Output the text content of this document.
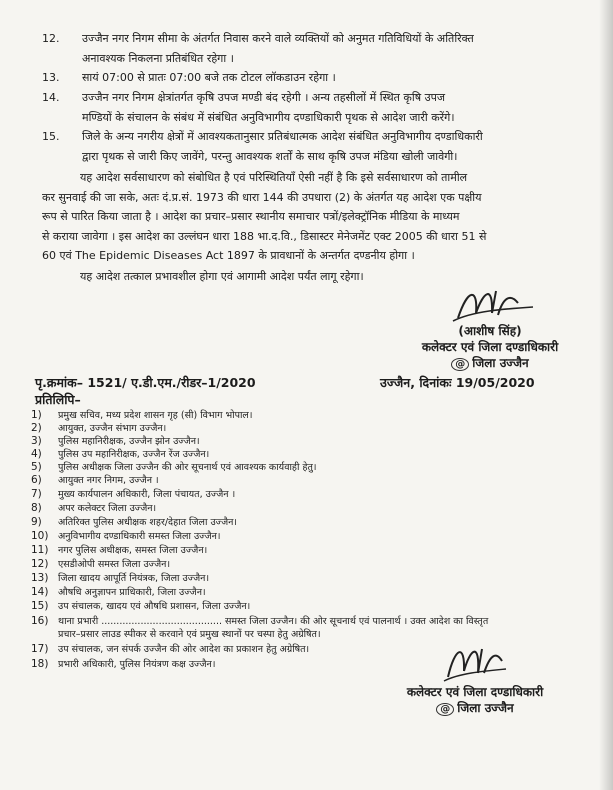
12.	उज्जैन नगर निगम सीमा के अंतर्गत निवास करने वाले व्यक्तियों को अनुमत गतिविधियों के अतिरिक्त
अनावश्यक निकलना प्रतिबंधित रहेगा ।
13.	सायं 07:00 से प्रातः 07:00 बजे तक टोटल लॉकडाउन रहेगा ।
14.	उज्जैन नगर निगम क्षेत्रांतर्गत कृषि उपज मण्डी बंद रहेगी । अन्य तहसीलों में स्थित कृषि उपज
मण्डियों के संचालन के संबंध में संबंधित अनुविभागीय दण्डाधिकारी पृथक से आदेश जारी करेंगे।
15.	जिले के अन्य नगरीय क्षेत्रों में आवश्यकतानुसार प्रतिबंधात्मक आदेश संबंधित अनुविभागीय दण्डाधिकारी
द्वारा पृथक से जारी किए जावेंगे, परन्तु आवश्यक शर्तों के साथ कृषि उपज मंडिया खोली जावेगी।
यह आदेश सर्वसाधारण को संबोधित है एवं परिस्थितियॉं ऐसी नहीं है कि इसे सर्वसाधारण को तामील
कर सुनवाई की जा सके, अतः दं.प्र.सं. 1973 की धारा 144 की उपधारा (2) के अंतर्गत यह आदेश एक पक्षीय
रूप से पारित किया जाता है । आदेश का प्रचार–प्रसार स्थानीय समाचार पत्रों/इलेक्ट्रॉनिक मीडिया के माध्यम
से कराया जावेगा । इस आदेश का उल्लंघन धारा 188 भा.द.वि., डिसास्टर मेनेजमेंट एक्ट 2005 की धारा 51 से
60 एवं The Epidemic Diseases Act 1897 के प्रावधानों के अन्तर्गत दण्डनीय होगा ।
यह आदेश तत्काल प्रभावशील होगा एवं आगामी आदेश पर्यंत लागू रहेगा।
(आशीष सिंह)
कलेक्टर एवं जिला दण्डाधिकारी
@ जिला उज्जैन
पृ.क्रमांक– 1521/ ए.डी.एम./रीडर–1/2020	उज्जैन, दिनांकः 19/05/2020
प्रतिलिपि–
1) प्रमुख सचिव, मध्य प्रदेश शासन गृह (सी) विभाग भोपाल।
2) आयुक्त, उज्जैन संभाग उज्जैन।
3) पुलिस महानिरीक्षक, उज्जैन झोन उज्जैन।
4) पुलिस उप महानिरीक्षक, उज्जैन रेंज उज्जैन।
5) पुलिस अधीक्षक जिला उज्जैन की ओर सूचनार्थ एवं आवश्यक कार्यवाही हेतु।
6) आयुक्त नगर निगम, उज्जैन ।
7) मुख्य कार्यपालन अधिकारी, जिला पंचायत, उज्जैन ।
8) अपर कलेक्टर जिला उज्जैन।
9) अतिरिक्त पुलिस अधीक्षक शहर/देहात जिला उज्जैन।
10) अनुविभागीय दण्डाधिकारी समस्त जिला उज्जैन।
11) नगर पुलिस अधीक्षक, समस्त जिला उज्जैन।
12) एसडीओपी समस्त जिला उज्जैन।
13) जिला खादय आपूर्ति नियंत्रक, जिला उज्जैन।
14) औषधि अनुज्ञापन प्राधिकारी, जिला उज्जैन।
15) उप संचालक, खादय एवं औषधि प्रशासन, जिला उज्जैन।
16) थाना प्रभारी ........................................ समस्त जिला उज्जैन। की ओर सूचनार्थ एवं पालनार्थ । उक्त आदेश का विस्तृत
प्रचार–प्रसार लाउड स्पीकर से करवाने एवं प्रमुख स्थानों पर चस्पा हेतु अग्रेषित।
17) उप संचालक, जन संपर्क उज्जैन की ओर आदेश का प्रकाशन हेतु अग्रेषित।
18) प्रभारी अधिकारी, पुलिस नियंत्रण कक्ष उज्जैन।
कलेक्टर एवं जिला दण्डाधिकारी
@ जिला उज्जैन
